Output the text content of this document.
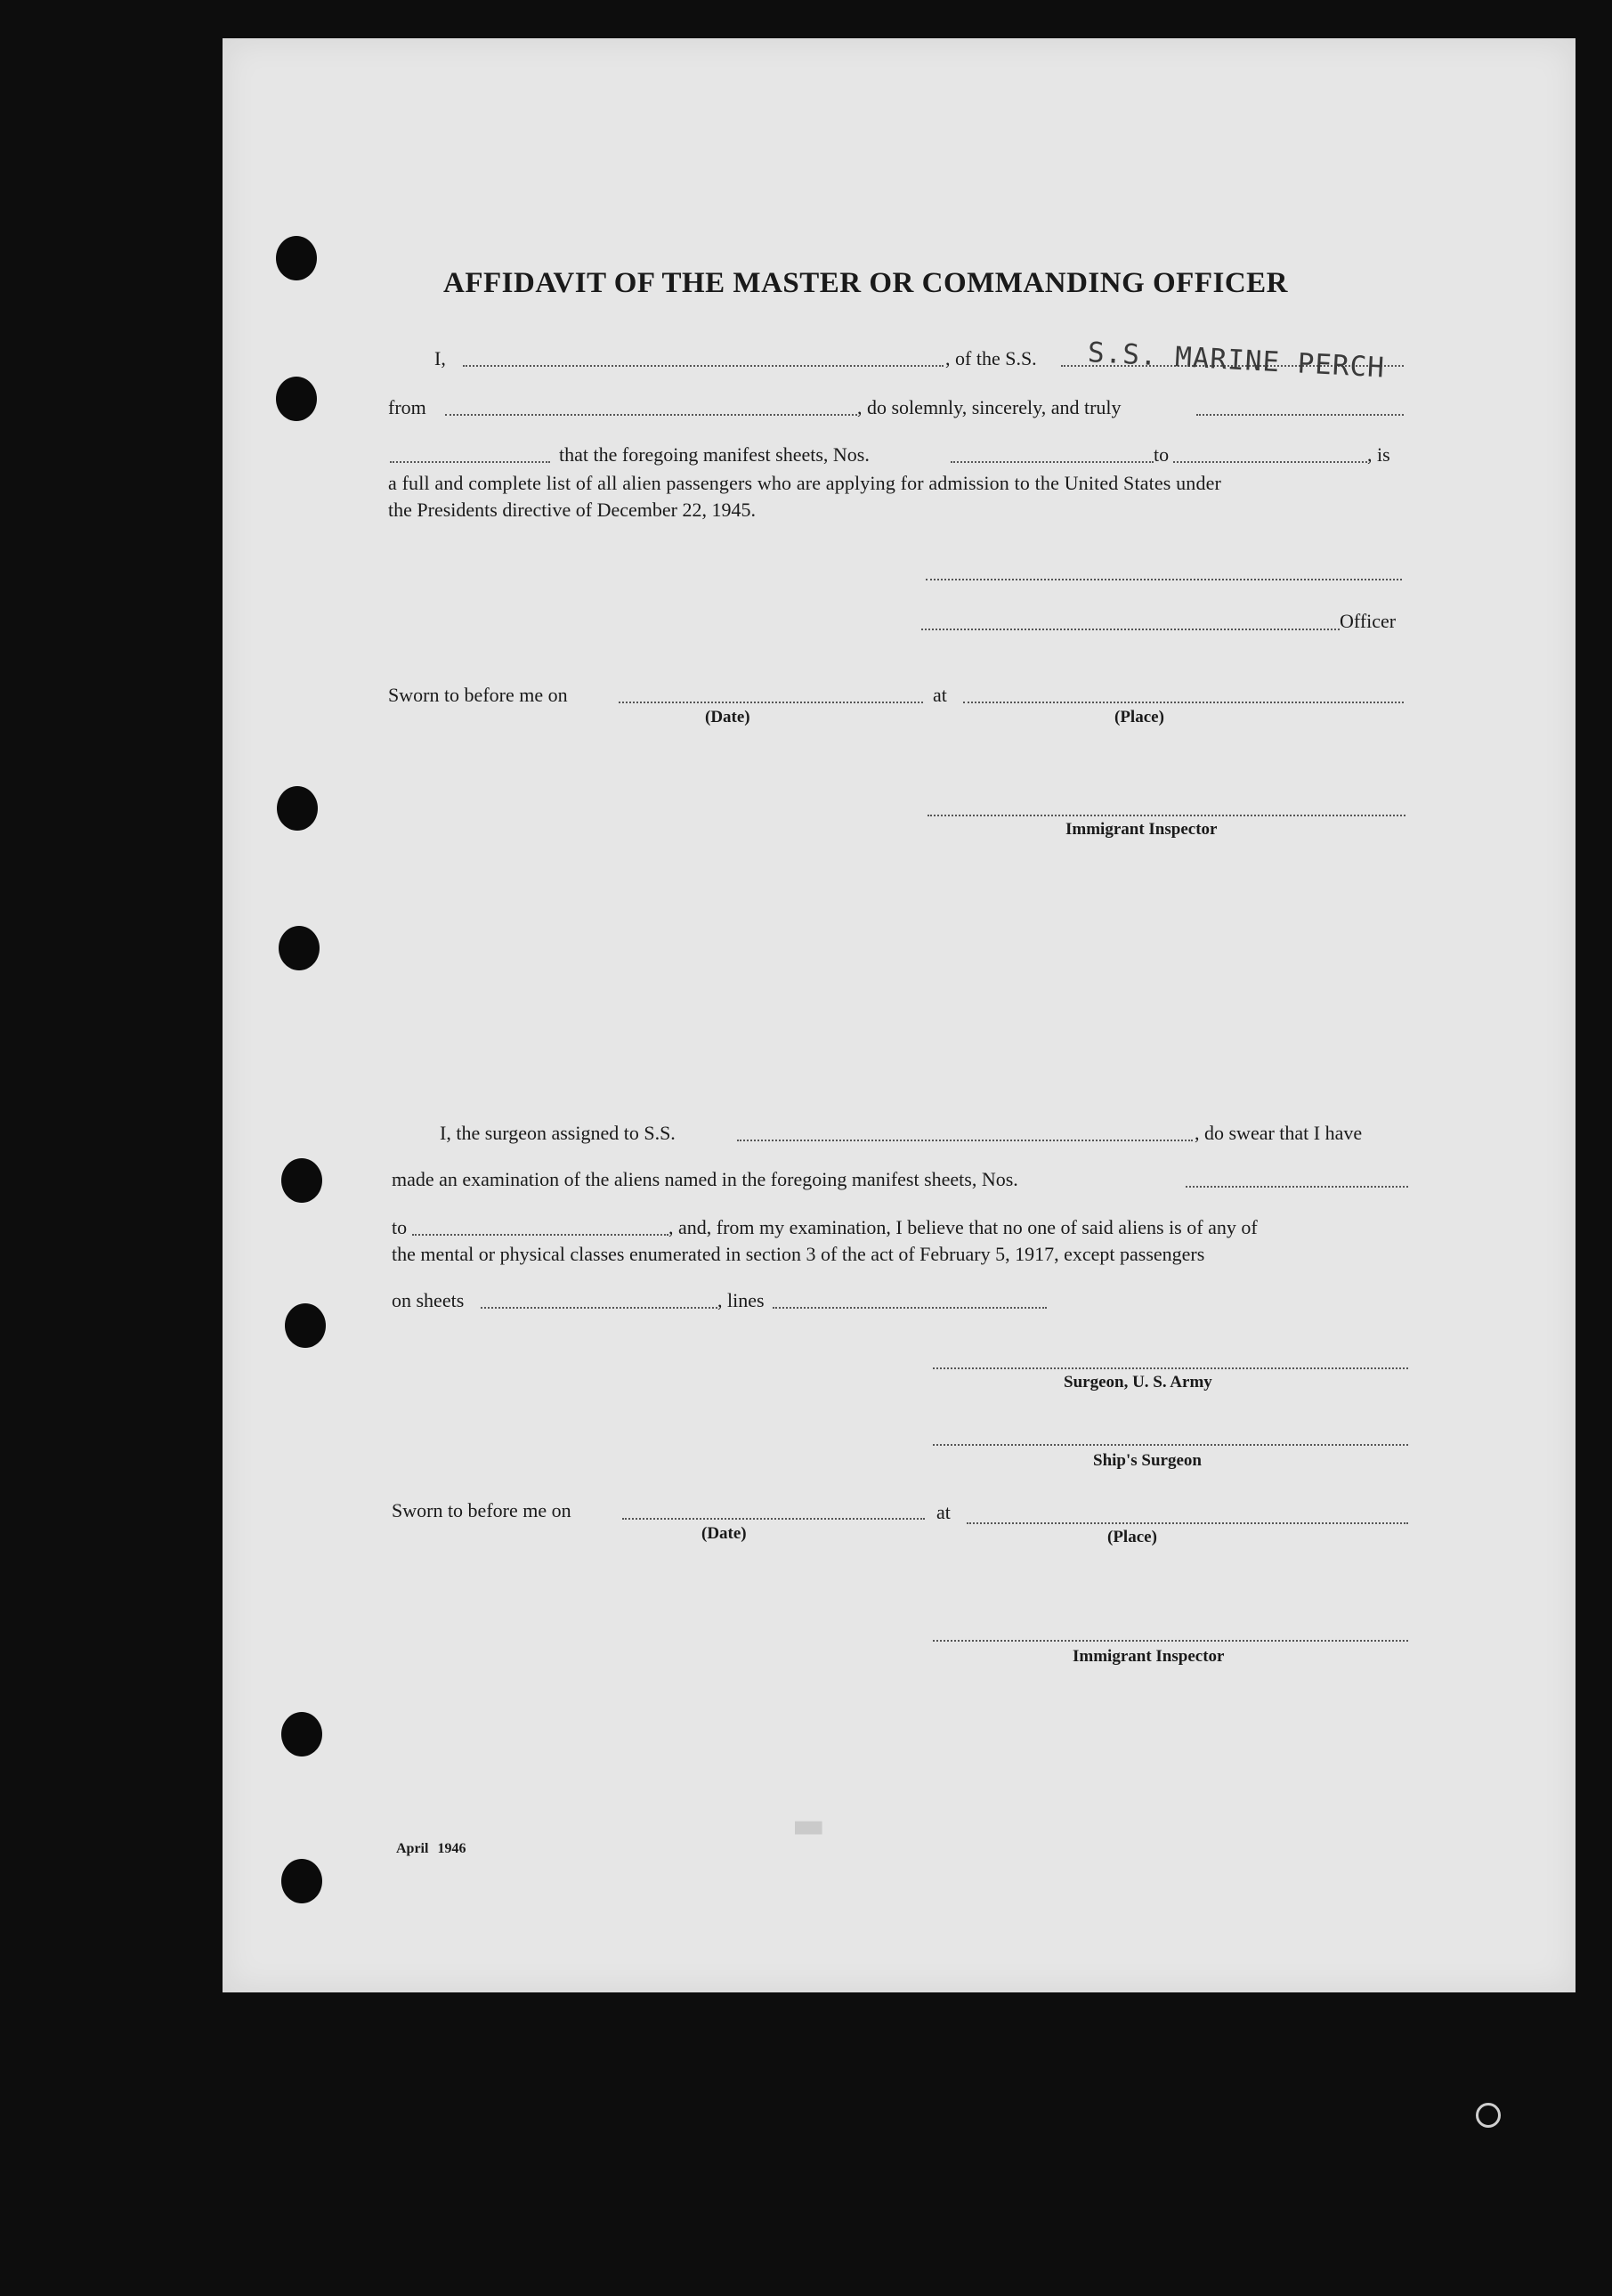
▮
AFFIDAVIT OF THE MASTER OR COMMANDING OFFICER
I,	, of the S.S. S.S. MARINE PERCH
from	, do solemnly, sincerely, and truly
that the foregoing manifest sheets, Nos.	to	, is
a full and complete list of all alien passengers who are applying for admission to the United States under
the Presidents directive of December 22, 1945.
Officer
Sworn to before me on	at
(Date)	(Place)
Immigrant Inspector
I, the surgeon assigned to S.S.	, do swear that I have
made an examination of the aliens named in the foregoing manifest sheets, Nos.
to	, and, from my examination, I believe that no one of said aliens is of any of
the mental or physical classes enumerated in section 3 of the act of February 5, 1917, except passengers
on sheets	, lines
Surgeon, U. S. Army
Ship's Surgeon
Sworn to before me on	at
(Date)	(Place)
Immigrant Inspector
April 1946
